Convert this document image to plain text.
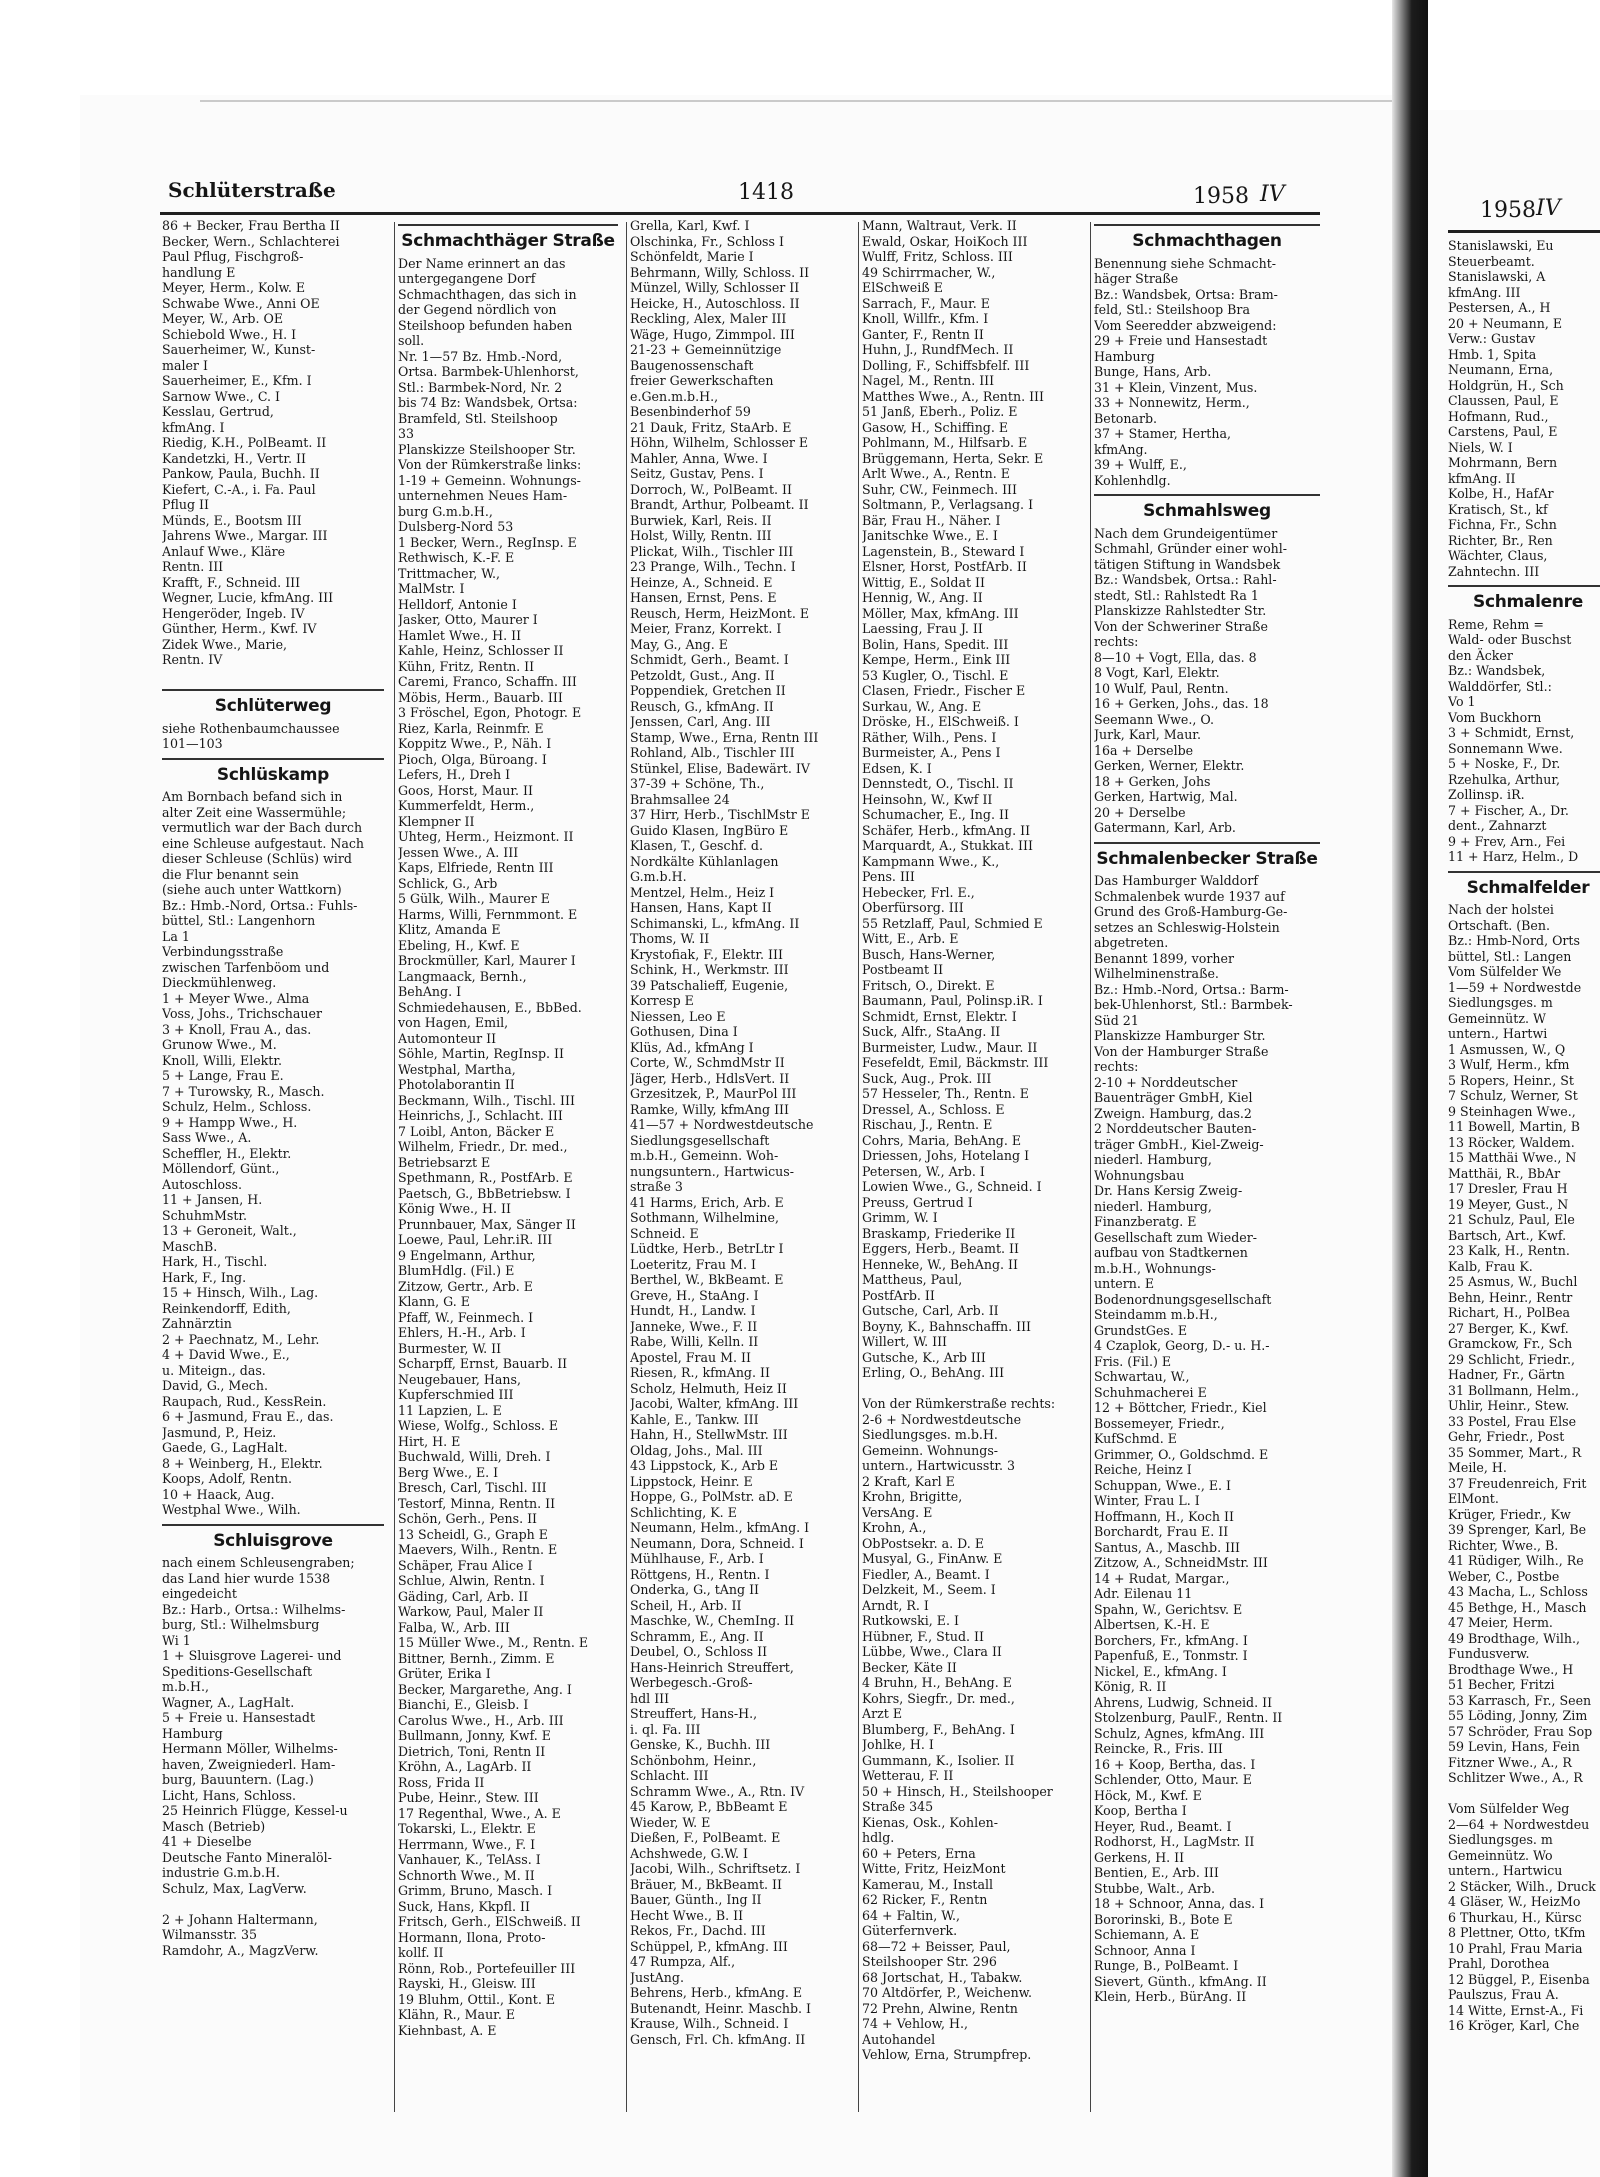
Schlüterstraße	1418	1958 IV
86 + Becker, Frau Bertha II
Becker, Wern., Schlachterei
Paul Pflug, Fischgroß-
handlung E
Meyer, Herm., Kolw. E
Schwabe Wwe., Anni OE
Meyer, W., Arb. OE
Schiebold Wwe., H. I
Sauerheimer, W., Kunst-
maler I
Sauerheimer, E., Kfm. I
Sarnow Wwe., C. I
Kesslau, Gertrud,
kfmAng. I
Riedig, K.H., PolBeamt. II
Kandetzki, H., Vertr. II
Pankow, Paula, Buchh. II
Kiefert, C.-A., i. Fa. Paul
Pflug II
Münds, E., Bootsm III
Jahrens Wwe., Margar. III
Anlauf Wwe., Kläre
Rentn. III
Krafft, F., Schneid. III
Wegner, Lucie, kfmAng. III
Hengeröder, Ingeb. IV
Günther, Herm., Kwf. IV
Zidek Wwe., Marie,
Rentn. IV

Schlüterweg
siehe Rothenbaumchaussee
101—103
Schlüskamp
Am Bornbach befand sich in
alter Zeit eine Wassermühle;
vermutlich war der Bach durch
eine Schleuse aufgestaut. Nach
dieser Schleuse (Schlüs) wird
die Flur benannt sein
(siehe auch unter Wattkorn)
Bz.: Hmb.-Nord, Ortsa.: Fuhls-
büttel, Stl.: Langenhorn
La 1
Verbindungsstraße
zwischen Tarfenböom und
Dieckmühlenweg.
1 + Meyer Wwe., Alma
Voss, Johs., Trichschauer
3 + Knoll, Frau A., das.
Grunow Wwe., M.
Knoll, Willi, Elektr.
5 + Lange, Frau E.
7 + Turowsky, R., Masch.
Schulz, Helm., Schloss.
9 + Hampp Wwe., H.
Sass Wwe., A.
Scheffler, H., Elektr.
Möllendorf, Günt.,
Autoschloss.
11 + Jansen, H.
SchuhmMstr.
13 + Geroneit, Walt.,
MaschB.
Hark, H., Tischl.
Hark, F., Ing.
15 + Hinsch, Wilh., Lag.
Reinkendorff, Edith,
Zahnärztin
2 + Paechnatz, M., Lehr.
4 + David Wwe., E.,
u. Miteign., das.
David, G., Mech.
Raupach, Rud., KessRein.
6 + Jasmund, Frau E., das.
Jasmund, P., Heiz.
Gaede, G., LagHalt.
8 + Weinberg, H., Elektr.
Koops, Adolf, Rentn.
10 + Haack, Aug.
Westphal Wwe., Wilh.
Schluisgrove
nach einem Schleusengraben;
das Land hier wurde 1538
eingedeicht
Bz.: Harb., Ortsa.: Wilhelms-
burg, Stl.: Wilhelmsburg
Wi 1
1 + Sluisgrove Lagerei- und
Speditions-Gesellschaft
m.b.H.,
Wagner, A., LagHalt.
5 + Freie u. Hansestadt
Hamburg
Hermann Möller, Wilhelms-
haven, Zweigniederl. Ham-
burg, Bauuntern. (Lag.)
Licht, Hans, Schloss.
25 Heinrich Flügge, Kessel-u
Masch (Betrieb)
41 + Dieselbe
Deutsche Fanto Mineralöl-
industrie G.m.b.H.
Schulz, Max, LagVerw.

2 + Johann Haltermann,
Wilmansstr. 35
Ramdohr, A., MagzVerw.
Schmachthäger Straße
Der Name erinnert an das
untergegangene Dorf
Schmachthagen, das sich in
der Gegend nördlich von
Steilshoop befunden haben
soll.
Nr. 1—57 Bz. Hmb.-Nord,
Ortsa. Barmbek-Uhlenhorst,
Stl.: Barmbek-Nord, Nr. 2
bis 74 Bz: Wandsbek, Ortsa:
Bramfeld, Stl. Steilshoop
33
Planskizze Steilshooper Str.
Von der Rümkerstraße links:
1-19 + Gemeinn. Wohnungs-
unternehmen Neues Ham-
burg G.m.b.H.,
Dulsberg-Nord 53
1 Becker, Wern., RegInsp. E
Rethwisch, K.-F. E
Trittmacher, W.,
MalMstr. I
Helldorf, Antonie I
Jasker, Otto, Maurer I
Hamlet Wwe., H. II
Kahle, Heinz, Schlosser II
Kühn, Fritz, Rentn. II
Caremi, Franco, Schaffn. III
Möbis, Herm., Bauarb. III
3 Fröschel, Egon, Photogr. E
Riez, Karla, Reinmfr. E
Koppitz Wwe., P., Näh. I
Pioch, Olga, Büroang. I
Lefers, H., Dreh I
Goos, Horst, Maur. II
Kummerfeldt, Herm.,
Klempner II
Uhteg, Herm., Heizmont. II
Jessen Wwe., A. III
Kaps, Elfriede, Rentn III
Schlick, G., Arb
5 Gülk, Wilh., Maurer E
Harms, Willi, Fernmmont. E
Klitz, Amanda E
Ebeling, H., Kwf. E
Brockmüller, Karl, Maurer I
Langmaack, Bernh.,
BehAng. I
Schmiedehausen, E., BbBed.
von Hagen, Emil,
Automonteur II
Söhle, Martin, RegInsp. II
Westphal, Martha,
Photolaborantin II
Beckmann, Wilh., Tischl. III
Heinrichs, J., Schlacht. III
7 Loibl, Anton, Bäcker E
Wilhelm, Friedr., Dr. med.,
Betriebsarzt E
Spethmann, R., PostfArb. E
Paetsch, G., BbBetriebsw. I
König Wwe., H. II
Prunnbauer, Max, Sänger II
Loewe, Paul, Lehr.iR. III
9 Engelmann, Arthur,
BlumHdlg. (Fil.) E
Zitzow, Gertr., Arb. E
Klann, G. E
Pfaff, W., Feinmech. I
Ehlers, H.-H., Arb. I
Burmester, W. II
Scharpff, Ernst, Bauarb. II
Neugebauer, Hans,
Kupferschmied III
11 Lapzien, L. E
Wiese, Wolfg., Schloss. E
Hirt, H. E
Buchwald, Willi, Dreh. I
Berg Wwe., E. I
Bresch, Carl, Tischl. III
Testorf, Minna, Rentn. II
Schön, Gerh., Pens. II
13 Scheidl, G., Graph E
Maevers, Wilh., Rentn. E
Schäper, Frau Alice I
Schlue, Alwin, Rentn. I
Gäding, Carl, Arb. II
Warkow, Paul, Maler II
Falba, W., Arb. III
15 Müller Wwe., M., Rentn. E
Bittner, Bernh., Zimm. E
Grüter, Erika I
Becker, Margarethe, Ang. I
Bianchi, E., Gleisb. I
Carolus Wwe., H., Arb. III
Bullmann, Jonny, Kwf. E
Dietrich, Toni, Rentn II
Kröhn, A., LagArb. II
Ross, Frida II
Pube, Heinr., Stew. III
17 Regenthal, Wwe., A. E
Tokarski, L., Elektr. E
Herrmann, Wwe., F. I
Vanhauer, K., TelAss. I
Schnorth Wwe., M. II
Grimm, Bruno, Masch. I
Suck, Hans, Kkpfl. II
Fritsch, Gerh., ElSchweiß. II
Hormann, Ilona, Proto-
kollf. II
Rönn, Rob., Portefeuiller III
Rayski, H., Gleisw. III
19 Bluhm, Ottil., Kont. E
Klähn, R., Maur. E
Kiehnbast, A. E
Grella, Karl, Kwf. I
Olschinka, Fr., Schloss I
Schönfeldt, Marie I
Behrmann, Willy, Schloss. II
Münzel, Willy, Schlosser II
Heicke, H., Autoschloss. II
Reckling, Alex, Maler III
Wäge, Hugo, Zimmpol. III
21-23 + Gemeinnützige
Baugenossenschaft
freier Gewerkschaften
e.Gen.m.b.H.,
Besenbinderhof 59
21 Dauk, Fritz, StaArb. E
Höhn, Wilhelm, Schlosser E
Mahler, Anna, Wwe. I
Seitz, Gustav, Pens. I
Dorroch, W., PolBeamt. II
Brandt, Arthur, Polbeamt. II
Burwiek, Karl, Reis. II
Holst, Willy, Rentn. III
Plickat, Wilh., Tischler III
23 Prange, Wilh., Techn. I
Heinze, A., Schneid. E
Hansen, Ernst, Pens. E
Reusch, Herm, HeizMont. E
Meier, Franz, Korrekt. I
May, G., Ang. E
Schmidt, Gerh., Beamt. I
Petzoldt, Gust., Ang. II
Poppendiek, Gretchen II
Reusch, G., kfmAng. II
Jenssen, Carl, Ang. III
Stamp, Wwe., Erna, Rentn III
Rohland, Alb., Tischler III
Stünkel, Elise, Badewärt. IV
37-39 + Schöne, Th.,
Brahmsallee 24
37 Hirr, Herb., TischlMstr E
Guido Klasen, IngBüro E
Klasen, T., Geschf. d.
Nordkälte Kühlanlagen
G.m.b.H.
Mentzel, Helm., Heiz I
Hansen, Hans, Kapt II
Schimanski, L., kfmAng. II
Thoms, W. II
Krystofiak, F., Elektr. III
Schink, H., Werkmstr. III
39 Patschalieff, Eugenie,
Korresp E
Niessen, Leo E
Gothusen, Dina I
Klüs, Ad., kfmAng I
Corte, W., SchmdMstr II
Jäger, Herb., HdlsVert. II
Grzesitzek, P., MaurPol III
Ramke, Willy, kfmAng III
41—57 + Nordwestdeutsche
Siedlungsgesellschaft
m.b.H., Gemeinn. Woh-
nungsuntern., Hartwicus-
straße 3
41 Harms, Erich, Arb. E
Sothmann, Wilhelmine,
Schneid. E
Lüdtke, Herb., BetrLtr I
Loeteritz, Frau M. I
Berthel, W., BkBeamt. E
Greve, H., StaAng. I
Hundt, H., Landw. I
Janneke, Wwe., F. II
Rabe, Willi, Kelln. II
Apostel, Frau M. II
Riesen, R., kfmAng. II
Scholz, Helmuth, Heiz II
Jacobi, Walter, kfmAng. III
Kahle, E., Tankw. III
Hahn, H., StellwMstr. III
Oldag, Johs., Mal. III
43 Lippstock, K., Arb E
Lippstock, Heinr. E
Hoppe, G., PolMstr. aD. E
Schlichting, K. E
Neumann, Helm., kfmAng. I
Neumann, Dora, Schneid. I
Mühlhause, F., Arb. I
Röttgens, H., Rentn. I
Onderka, G., tAng II
Scheil, H., Arb. II
Maschke, W., ChemIng. II
Schramm, E., Ang. II
Deubel, O., Schloss II
Hans-Heinrich Streuffert,
Werbegesch.-Groß-
hdl III
Streuffert, Hans-H.,
i. ql. Fa. III
Genske, K., Buchh. III
Schönbohm, Heinr.,
Schlacht. III
Schramm Wwe., A., Rtn. IV
45 Karow, P., BbBeamt E
Wieder, W. E
Dießen, F., PolBeamt. E
Achshwede, G.W. I
Jacobi, Wilh., Schriftsetz. I
Bräuer, M., BkBeamt. II
Bauer, Günth., Ing II
Hecht Wwe., B. II
Rekos, Fr., Dachd. III
Schüppel, P., kfmAng. III
47 Rumpza, Alf.,
JustAng.
Behrens, Herb., kfmAng. E
Butenandt, Heinr. Maschb. I
Krause, Wilh., Schneid. I
Gensch, Frl. Ch. kfmAng. II
Mann, Waltraut, Verk. II
Ewald, Oskar, HoiKoch III
Wulff, Fritz, Schloss. III
49 Schirrmacher, W.,
ElSchweiß E
Sarrach, F., Maur. E
Knoll, Willfr., Kfm. I
Ganter, F., Rentn II
Huhn, J., RundfMech. II
Dolling, F., Schiffsbfelf. III
Nagel, M., Rentn. III
Matthes Wwe., A., Rentn. III
51 Janß, Eberh., Poliz. E
Gasow, H., Schiffing. E
Pohlmann, M., Hilfsarb. E
Brüggemann, Herta, Sekr. E
Arlt Wwe., A., Rentn. E
Suhr, CW., Feinmech. III
Soltmann, P., Verlagsang. I
Bär, Frau H., Näher. I
Janitschke Wwe., E. I
Lagenstein, B., Steward I
Elsner, Horst, PostfArb. II
Wittig, E., Soldat II
Hennig, W., Ang. II
Möller, Max, kfmAng. III
Laessing, Frau J. II
Bolin, Hans, Spedit. III
Kempe, Herm., Eink III
53 Kugler, O., Tischl. E
Clasen, Friedr., Fischer E
Surkau, W., Ang. E
Dröske, H., ElSchweiß. I
Räther, Wilh., Pens. I
Burmeister, A., Pens I
Edsen, K. I
Dennstedt, O., Tischl. II
Heinsohn, W., Kwf II
Schumacher, E., Ing. II
Schäfer, Herb., kfmAng. II
Marquardt, A., Stukkat. III
Kampmann Wwe., K.,
Pens. III
Hebecker, Frl. E.,
Oberfürsorg. III
55 Retzlaff, Paul, Schmied E
Witt, E., Arb. E
Busch, Hans-Werner,
Postbeamt II
Fritsch, O., Direkt. E
Baumann, Paul, Polinsp.iR. I
Schmidt, Ernst, Elektr. I
Suck, Alfr., StaAng. II
Burmeister, Ludw., Maur. II
Fesefeldt, Emil, Bäckmstr. III
Suck, Aug., Prok. III
57 Hesseler, Th., Rentn. E
Dressel, A., Schloss. E
Rischau, J., Rentn. E
Cohrs, Maria, BehAng. E
Driessen, Johs, Hotelang I
Petersen, W., Arb. I
Lowien Wwe., G., Schneid. I
Preuss, Gertrud I
Grimm, W. I
Braskamp, Friederike II
Eggers, Herb., Beamt. II
Henneke, W., BehAng. II
Mattheus, Paul,
PostfArb. II
Gutsche, Carl, Arb. II
Boyny, K., Bahnschaffn. III
Willert, W. III
Gutsche, K., Arb III
Erling, O., BehAng. III

Von der Rümkerstraße rechts:
2-6 + Nordwestdeutsche
Siedlungsges. m.b.H.
Gemeinn. Wohnungs-
untern., Hartwicusstr. 3
2 Kraft, Karl E
Krohn, Brigitte,
VersAng. E
Krohn, A.,
ObPostsekr. a. D. E
Musyal, G., FinAnw. E
Fiedler, A., Beamt. I
Delzkeit, M., Seem. I
Arndt, R. I
Rutkowski, E. I
Hübner, F., Stud. II
Lübbe, Wwe., Clara II
Becker, Käte II
4 Bruhn, H., BehAng. E
Kohrs, Siegfr., Dr. med.,
Arzt E
Blumberg, F., BehAng. I
Johlke, H. I
Gummann, K., Isolier. II
Wetterau, F. II
50 + Hinsch, H., Steilshooper
Straße 345
Kienas, Osk., Kohlen-
hdlg.
60 + Peters, Erna
Witte, Fritz, HeizMont
Kamerau, M., Install
62 Ricker, F., Rentn
64 + Faltin, W.,
Güterfernverk.
68—72 + Beisser, Paul,
Steilshooper Str. 296
68 Jortschat, H., Tabakw.
70 Altdörfer, P., Weichenw.
72 Prehn, Alwine, Rentn
74 + Vehlow, H.,
Autohandel
Vehlow, Erna, Strumpfrep.
Schmachthagen
Benennung siehe Schmacht-
häger Straße
Bz.: Wandsbek, Ortsa: Bram-
feld, Stl.: Steilshoop Bra
Vom Seeredder abzweigend:
29 + Freie und Hansestadt
Hamburg
Bunge, Hans, Arb.
31 + Klein, Vinzent, Mus.
33 + Nonnewitz, Herm.,
Betonarb.
37 + Stamer, Hertha,
kfmAng.
39 + Wulff, E.,
Kohlenhdlg.
Schmahlsweg
Nach dem Grundeigentümer
Schmahl, Gründer einer wohl-
tätigen Stiftung in Wandsbek
Bz.: Wandsbek, Ortsa.: Rahl-
stedt, Stl.: Rahlstedt Ra 1
Planskizze Rahlstedter Str.
Von der Schweriner Straße
rechts:
8—10 + Vogt, Ella, das. 8
8 Vogt, Karl, Elektr.
10 Wulf, Paul, Rentn.
16 + Gerken, Johs., das. 18
Seemann Wwe., O.
Jurk, Karl, Maur.
16a + Derselbe
Gerken, Werner, Elektr.
18 + Gerken, Johs
Gerken, Hartwig, Mal.
20 + Derselbe
Gatermann, Karl, Arb.
Schmalenbecker Straße
Das Hamburger Walddorf
Schmalenbek wurde 1937 auf
Grund des Groß-Hamburg-Ge-
setzes an Schleswig-Holstein
abgetreten.
Benannt 1899, vorher
Wilhelminenstraße.
Bz.: Hmb.-Nord, Ortsa.: Barm-
bek-Uhlenhorst, Stl.: Barmbek-
Süd 21
Planskizze Hamburger Str.
Von der Hamburger Straße
rechts:
2-10 + Norddeutscher
Bauenträger GmbH, Kiel
Zweign. Hamburg, das.2
2 Norddeutscher Bauten-
träger GmbH., Kiel-Zweig-
niederl. Hamburg,
Wohnungsbau
Dr. Hans Kersig Zweig-
niederl. Hamburg,
Finanzberatg. E
Gesellschaft zum Wieder-
aufbau von Stadtkernen
m.b.H., Wohnungs-
untern. E
Bodenordnungsgesellschaft
Steindamm m.b.H.,
GrundstGes. E
4 Czaplok, Georg, D.- u. H.-
Fris. (Fil.) E
Schwartau, W.,
Schuhmacherei E
12 + Böttcher, Friedr., Kiel
Bossemeyer, Friedr.,
KufSchmd. E
Grimmer, O., Goldschmd. E
Reiche, Heinz I
Schuppan, Wwe., E. I
Winter, Frau L. I
Hoffmann, H., Koch II
Borchardt, Frau E. II
Santus, A., Maschb. III
Zitzow, A., SchneidMstr. III
14 + Rudat, Margar.,
Adr. Eilenau 11
Spahn, W., Gerichtsv. E
Albertsen, K.-H. E
Borchers, Fr., kfmAng. I
Papenfuß, E., Tonmstr. I
Nickel, E., kfmAng. I
König, R. II
Ahrens, Ludwig, Schneid. II
Stolzenburg, PaulF., Rentn. II
Schulz, Agnes, kfmAng. III
Reincke, R., Fris. III
16 + Koop, Bertha, das. I
Schlender, Otto, Maur. E
Höck, M., Kwf. E
Koop, Bertha I
Heyer, Rud., Beamt. I
Rodhorst, H., LagMstr. II
Gerkens, H. II
Bentien, E., Arb. III
Stubbe, Walt., Arb.
18 + Schnoor, Anna, das. I
Bororinski, B., Bote E
Schiemann, A. E
Schnoor, Anna I
Runge, B., PolBeamt. I
Sievert, Günth., kfmAng. II
Klein, Herb., BürAng. II
1958 IV
Stanislawski, Eu
Steuerbeamt.
Stanislawski, A
kfmAng. III
Pestersen, A., H
20 + Neumann, E
Verw.: Gustav
Hmb. 1, Spita
Neumann, Erna,
Holdgrün, H., Sch
Claussen, Paul, E
Hofmann, Rud.,
Carstens, Paul, E
Niels, W. I
Mohrmann, Bern
kfmAng. II
Kolbe, H., HafAr
Kratisch, St., kf
Fichna, Fr., Schn
Richter, Br., Ren
Wächter, Claus,
Zahntechn. III
Schmalenre
Reme, Rehm =
Wald- oder Buschst
den Äcker
Bz.: Wandsbek,
Walddörfer, Stl.:
Vo 1
Vom Buckhorn
3 + Schmidt, Ernst,
Sonnemann Wwe.
5 + Noske, F., Dr.
Rzehulka, Arthur,
Zollinsp. iR.
7 + Fischer, A., Dr.
dent., Zahnarzt
9 + Frev, Arn., Fei
11 + Harz, Helm., D
Schmalfelder
Nach der holstei
Ortschaft. (Ben.
Bz.: Hmb-Nord, Orts
büttel, Stl.: Langen
Vom Sülfelder We
1—59 + Nordwestde
Siedlungsges. m
Gemeinnütz. W
untern., Hartwi
1 Asmussen, W., Q
3 Wulf, Herm., kfm
5 Ropers, Heinr., St
7 Schulz, Werner, St
9 Steinhagen Wwe.,
11 Bowell, Martin, B
13 Röcker, Waldem.
15 Matthäi Wwe., N
Matthäi, R., BbAr
17 Dresler, Frau H
19 Meyer, Gust., N
21 Schulz, Paul, Ele
Bartsch, Art., Kwf.
23 Kalk, H., Rentn.
Kalb, Frau K.
25 Asmus, W., Buchl
Behn, Heinr., Rentr
Richart, H., PolBea
27 Berger, K., Kwf.
Gramckow, Fr., Sch
29 Schlicht, Friedr.,
Hadner, Fr., Gärtn
31 Bollmann, Helm.,
Uhlir, Heinr., Stew.
33 Postel, Frau Else
Gehr, Friedr., Post
35 Sommer, Mart., R
Meile, H.
37 Freudenreich, Frit
ElMont.
Krüger, Friedr., Kw
39 Sprenger, Karl, Be
Richter, Wwe., B.
41 Rüdiger, Wilh., Re
Weber, C., Postbe
43 Macha, L., Schloss
45 Bethge, H., Masch
47 Meier, Herm.
49 Brodthage, Wilh.,
Fundusverw.
Brodthage Wwe., H
51 Becher, Fritzi
53 Karrasch, Fr., Seen
55 Löding, Jonny, Zim
57 Schröder, Frau Sop
59 Levin, Hans, Fein
Fitzner Wwe., A., R
Schlitzer Wwe., A., R

Vom Sülfelder Weg
2—64 + Nordwestdeu
Siedlungsges. m
Gemeinnütz. Wo
untern., Hartwicu
2 Stäcker, Wilh., Druck
4 Gläser, W., HeizMo
6 Thurkau, H., Kürsc
8 Plettner, Otto, tKfm
10 Prahl, Frau Maria
Prahl, Dorothea
12 Büggel, P., Eisenba
Paulszus, Frau A.
14 Witte, Ernst-A., Fi
16 Kröger, Karl, Che
